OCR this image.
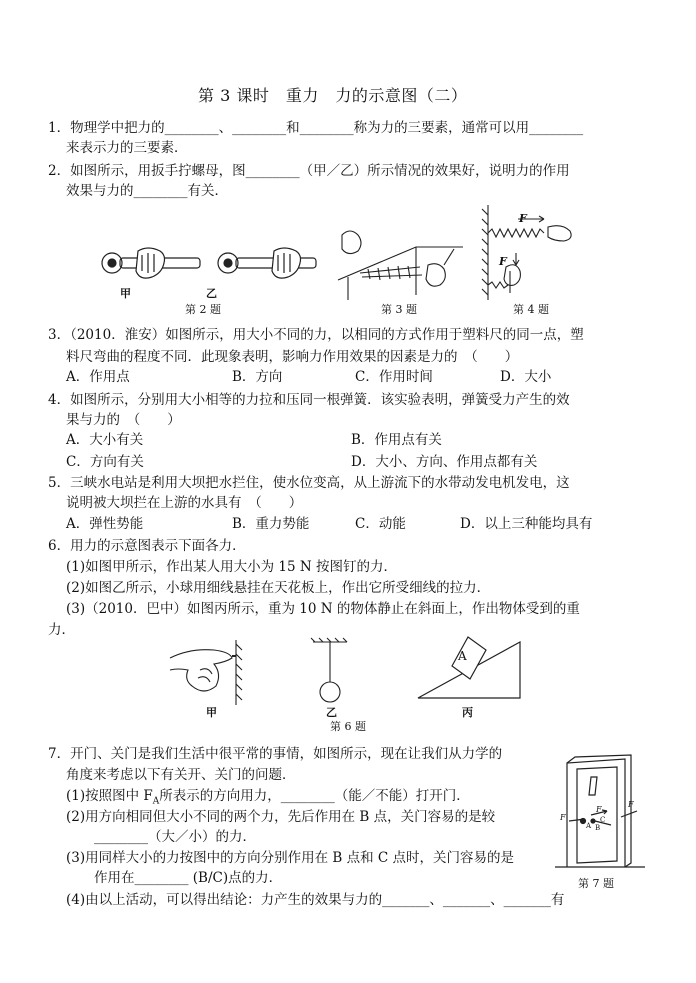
第 3 课时　重力　力的示意图（二）
1．物理学中把力的________、________和________称为力的三要素，通常可以用________
来表示力的三要素．
2．如图所示，用扳手拧螺母，图________（甲／乙）所示情况的效果好，说明力的作用
效果与力的________有关．
甲	乙
第 2 题	第 3 题
F
F
第 4 题
3．（2010．淮安）如图所示，用大小不同的力，以相同的方式作用于塑料尺的同一点，塑
料尺弯曲的程度不同．此现象表明，影响力作用效果的因素是力的　（　　）
A．作用点	B．方向	C．作用时间	D．大小
4．如图所示，分别用大小相等的力拉和压同一根弹簧．该实验表明，弹簧受力产生的效
果与力的　（　　）
A．大小有关	B．作用点有关
C．方向有关	D．大小、方向、作用点都有关
5．三峡水电站是利用大坝把水拦住，使水位变高，从上游流下的水带动发电机发电，这
说明被大坝拦在上游的水具有　（　　）
A．弹性势能	B．重力势能	C．动能	D．以上三种能均具有
6．用力的示意图表示下面各力．
(1)如图甲所示，作出某人用大小为 15 N 按图钉的力．
(2)如图乙所示，小球用细线悬挂在天花板上，作出它所受细线的拉力．
(3)（2010．巴中）如图丙所示，重为 10 N 的物体静止在斜面上，作出物体受到的重
力．
A
甲	乙	丙
第 6 题
7．开门、关门是我们生活中很平常的事情，如图所示，现在让我们从力学的
角度来考虑以下有关开、关门的问题．
(1)按照图中 $F_A$所表示的方向用力，________（能／不能）打开门．
(2)用方向相同但大小不同的两个力，先后作用在 B 点，关门容易的是较
________（大／小）的力．
(3)用同样大小的力按图中的方向分别作用在 B 点和 C 点时，关门容易的是
作用在________ (B/C)点的力．
(4)由以上活动，可以得出结论：力产生的效果与力的_______、_______、_______有
F
A B
C
F
F
第 7 题
